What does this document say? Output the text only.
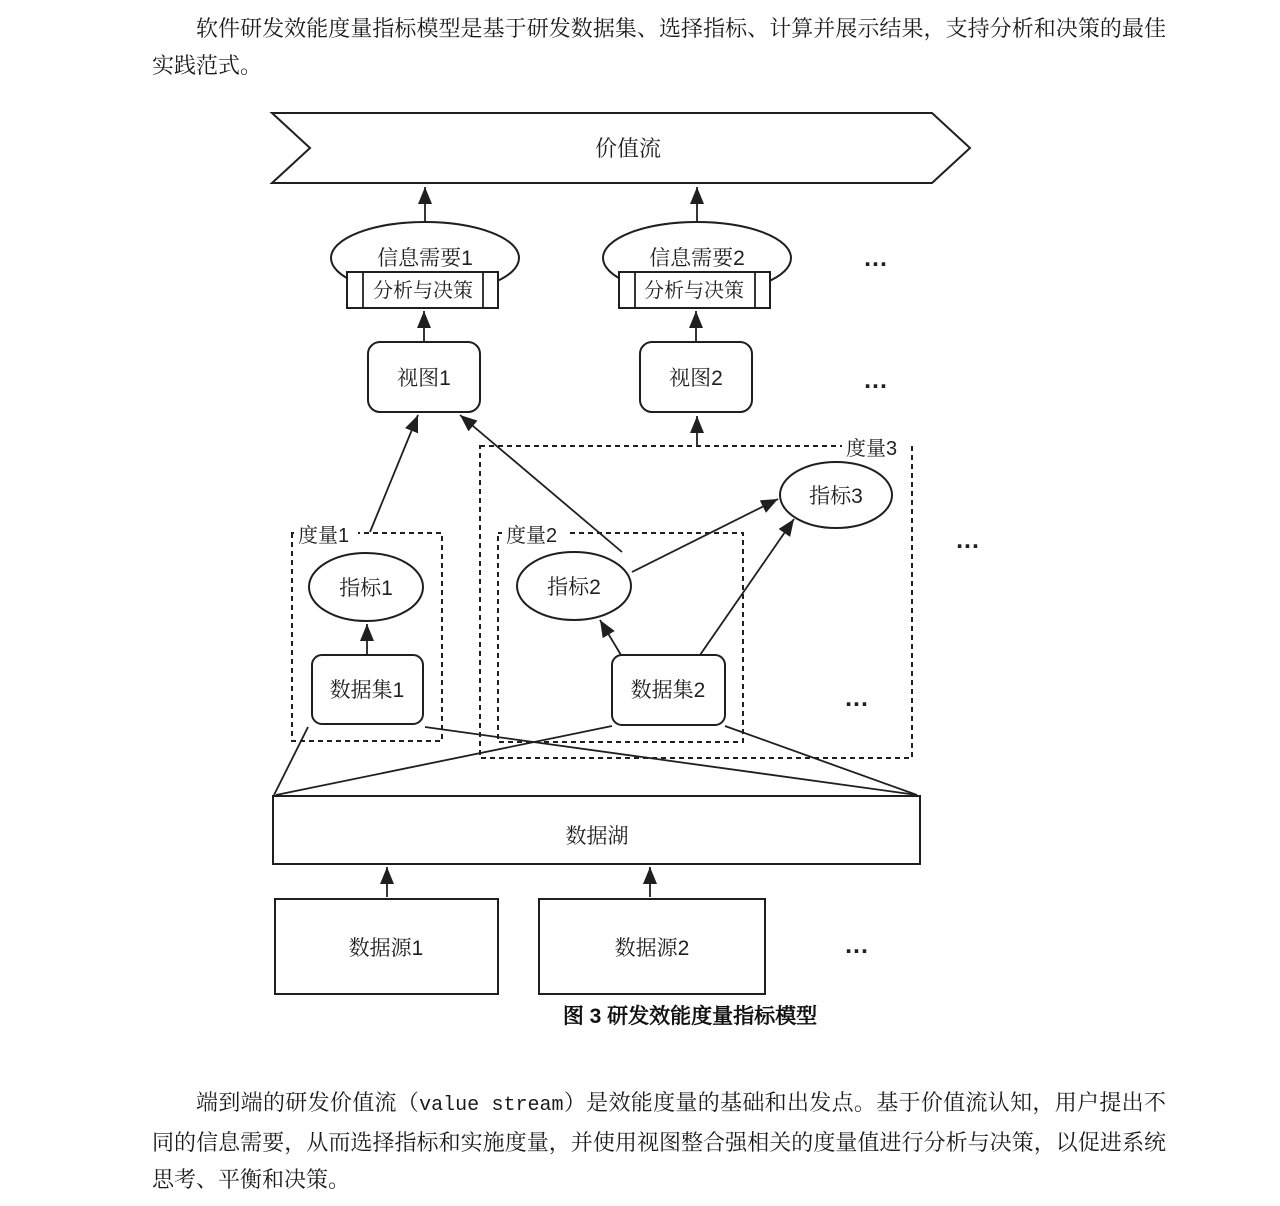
软件研发效能度量指标模型是基于研发数据集、选择指标、计算并展示结果，支持分析和决策的最佳实践范式。
价值流
信息需要1
分析与决策
信息需要2
分析与决策
...
视图1	视图2	...
度量3
度量1	度量2
指标3
指标1	指标2
数据集1	数据集2	...
...
数据湖
数据源1	数据源2	...
图 3 研发效能度量指标模型
端到端的研发价值流（value stream）是效能度量的基础和出发点。基于价值流认知，用户提出不同的信息需要，从而选择指标和实施度量，并使用视图整合强相关的度量值进行分析与决策，以促进系统思考、平衡和决策。
